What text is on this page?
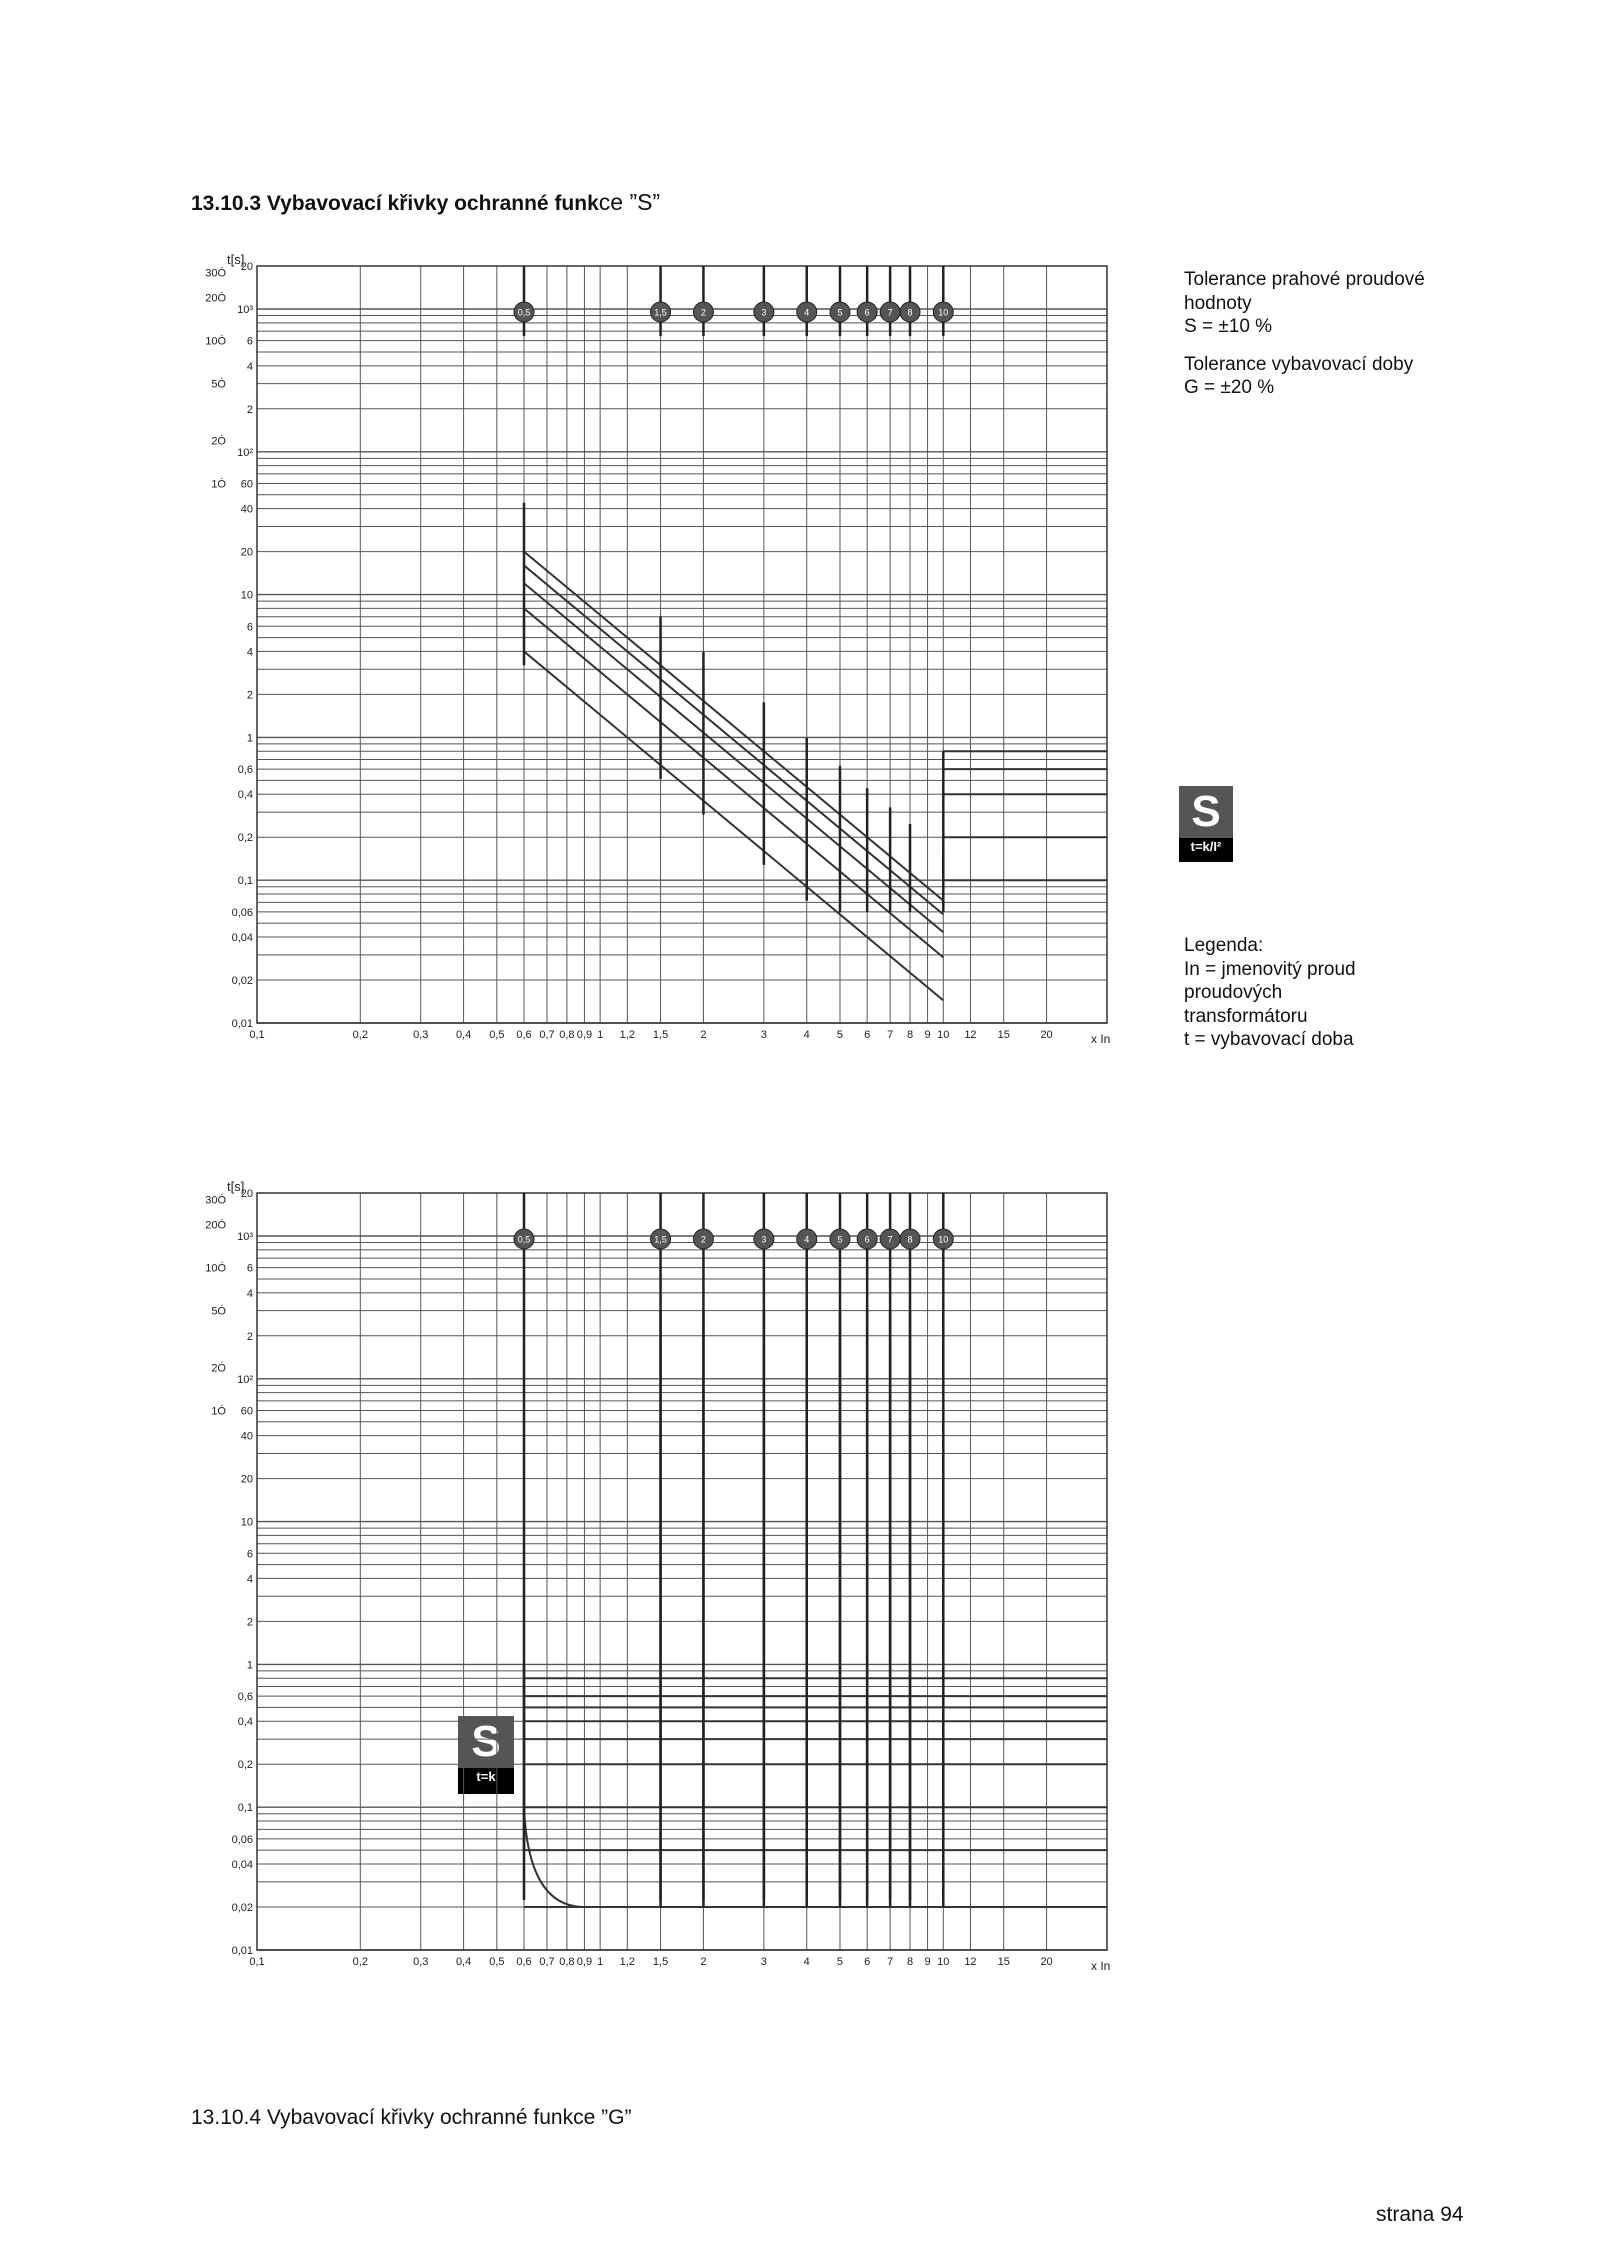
13.10.3 Vybavovací křivky ochranné funkce ”S”

Tolerance prahové proudové
hodnoty
S = ±10 %

Tolerance vybavovací doby
G = ±20 %

S
t=k/I²
Legenda:
In = jmenovitý proud
proudových
transformátoru
t = vybavovací doba
S
t=k
0,01
0,02
0,04
0,06
0,1
0,2
0,4
0,6
1
2
4
6
10
20
40
60
10²
2
4
6
10³
20
1Ó
2Ó
5Ó
10Ó
20Ó
30Ó
t[s]
0,1	0,2	0,3	0,4 0,5 0,6 0,7 0,8 0,9 1 1,2 1,5	2	3	4 5 6 7 8 9 10 12 15	20	x In
0,5	1,5	2	3	4	5 6 7 8	10
0,01
0,02
0,04
0,06
0,1
0,2
0,4
0,6
1
2
4
6
10
20
40
60
10²
2
4
6
10³
20
1Ó
2Ó
5Ó
10Ó
20Ó
30Ó
t[s]
0,1	0,2	0,3	0,4 0,5 0,6 0,7 0,8 0,9 1 1,2 1,5	2	3	4 5 6 7 8 9 10 12 15	20	x In
0,5	1,5	2	3	4	5 6 7 8	10
13.10.4 Vybavovací křivky ochranné funkce ”G”
strana 94
